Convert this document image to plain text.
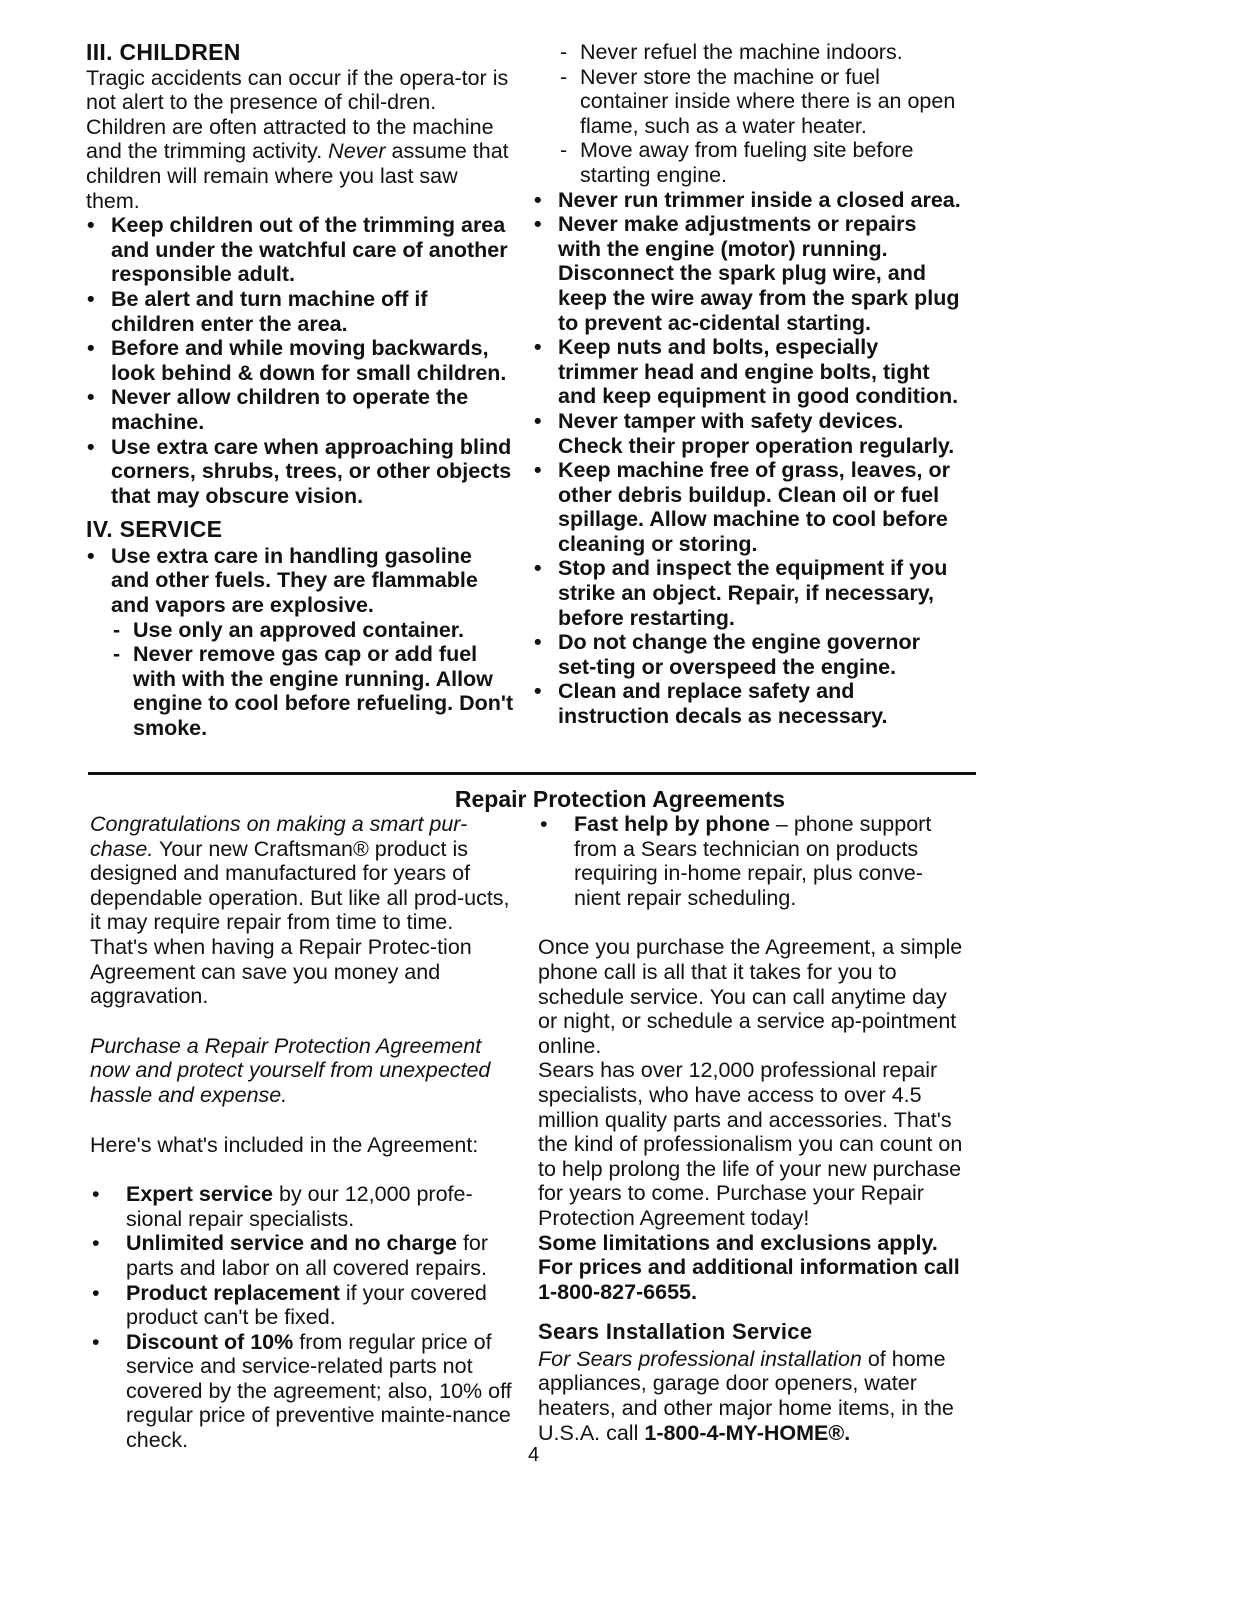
III. CHILDREN

Tragic accidents can occur if the opera-tor is not alert to the presence of chil-dren. Children are often attracted to the machine and the trimming activity. Never assume that children will remain where you last saw them.

• Keep children out of the trimming area and under the watchful care of another responsible adult.
• Be alert and turn machine off if children enter the area.
• Before and while moving backwards, look behind & down for small children.
• Never allow children to operate the machine.
• Use extra care when approaching blind corners, shrubs, trees, or other objects that may obscure vision.
IV. SERVICE
• Use extra care in handling gasoline and other fuels. They are flammable and vapors are explosive.
- Use only an approved container.
- Never remove gas cap or add fuel with with the engine running. Allow engine to cool before refueling. Don't smoke.
- Never refuel the machine indoors.
- Never store the machine or fuel container inside where there is an open flame, such as a water heater.
- Move away from fueling site before starting engine.
• Never run trimmer inside a closed area.
• Never make adjustments or repairs with the engine (motor) running. Disconnect the spark plug wire, and keep the wire away from the spark plug to prevent ac-cidental starting.
• Keep nuts and bolts, especially trimmer head and engine bolts, tight and keep equipment in good condition.
• Never tamper with safety devices. Check their proper operation regularly.
• Keep machine free of grass, leaves, or other debris buildup. Clean oil or fuel spillage. Allow machine to cool before cleaning or storing.
• Stop and inspect the equipment if you strike an object. Repair, if necessary, before restarting.
• Do not change the engine governor set-ting or overspeed the engine.
• Clean and replace safety and instruction decals as necessary.
Repair Protection Agreements

Congratulations on making a smart pur-chase. Your new Craftsman® product is designed and manufactured for years of dependable operation. But like all prod-ucts, it may require repair from time to time. That's when having a Repair Protec-tion Agreement can save you money and aggravation.

Purchase a Repair Protection Agreement now and protect yourself from unexpected hassle and expense.

Here's what's included in the Agreement:

• Expert service by our 12,000 profe-sional repair specialists.
• Unlimited service and no charge for parts and labor on all covered repairs.
• Product replacement if your covered product can't be fixed.
• Discount of 10% from regular price of service and service-related parts not covered by the agreement; also, 10% off regular price of preventive mainte-nance check.
• Fast help by phone – phone support from a Sears technician on products requiring in-home repair, plus conve-nient repair scheduling.

Once you purchase the Agreement, a simple phone call is all that it takes for you to schedule service. You can call anytime day or night, or schedule a service ap-pointment online.

Sears has over 12,000 professional repair specialists, who have access to over 4.5 million quality parts and accessories. That's the kind of professionalism you can count on to help prolong the life of your new purchase for years to come. Purchase your Repair Protection Agreement today!

Some limitations and exclusions apply. For prices and additional information call 1-800-827-6655.

Sears Installation Service

For Sears professional installation of home appliances, garage door openers, water heaters, and other major home items, in the U.S.A. call 1-800-4-MY-HOME®.

4
